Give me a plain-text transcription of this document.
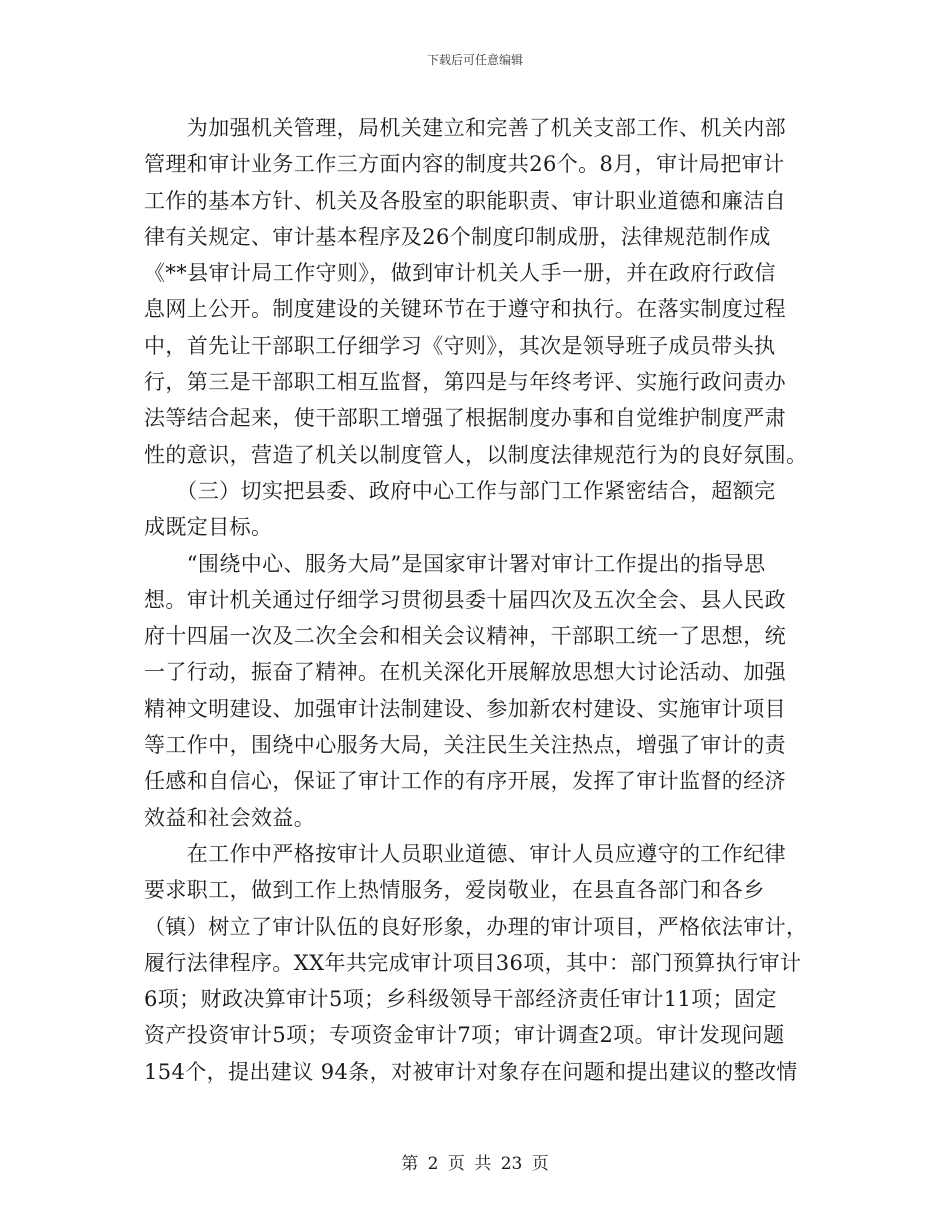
下载后可任意编辑
　　为加强机关管理，局机关建立和完善了机关支部工作、机关内部
管理和审计业务工作三方面内容的制度共26个。8月，审计局把审计
工作的基本方针、机关及各股室的职能职责、审计职业道德和廉洁自
律有关规定、审计基本程序及26个制度印制成册，法律规范制作成
《**县审计局工作守则》，做到审计机关人手一册，并在政府行政信
息网上公开。制度建设的关键环节在于遵守和执行。在落实制度过程
中，首先让干部职工仔细学习《守则》，其次是领导班子成员带头执
行，第三是干部职工相互监督，第四是与年终考评、实施行政问责办
法等结合起来，使干部职工增强了根据制度办事和自觉维护制度严肃
性的意识，营造了机关以制度管人，以制度法律规范行为的良好氛围。
　　（三）切实把县委、政府中心工作与部门工作紧密结合，超额完
成既定目标。
　　“围绕中心、服务大局”是国家审计署对审计工作提出的指导思
想。审计机关通过仔细学习贯彻县委十届四次及五次全会、县人民政
府十四届一次及二次全会和相关会议精神，干部职工统一了思想，统
一了行动，振奋了精神。在机关深化开展解放思想大讨论活动、加强
精神文明建设、加强审计法制建设、参加新农村建设、实施审计项目
等工作中，围绕中心服务大局，关注民生关注热点，增强了审计的责
任感和自信心，保证了审计工作的有序开展，发挥了审计监督的经济
效益和社会效益。
　　在工作中严格按审计人员职业道德、审计人员应遵守的工作纪律
要求职工，做到工作上热情服务，爱岗敬业，在县直各部门和各乡
（镇）树立了审计队伍的良好形象，办理的审计项目，严格依法审计，
履行法律程序。XX年共完成审计项目36项，其中：部门预算执行审计
6项；财政决算审计5项；乡科级领导干部经济责任审计11项；固定
资产投资审计5项；专项资金审计7项；审计调查2项。审计发现问题
154个，提出建议 94条，对被审计对象存在问题和提出建议的整改情
第 2 页 共 23 页
